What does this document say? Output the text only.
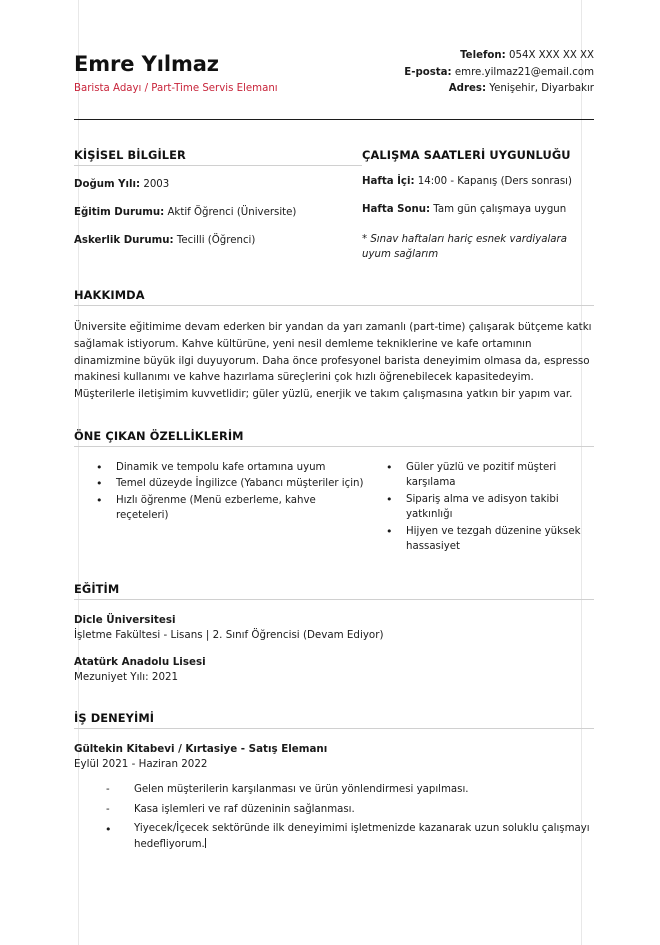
Emre Yılmaz
Barista Adayı / Part-Time Servis Elemanı
Telefon: 054X XXX XX XX
E-posta: emre.yilmaz21@email.com
Adres: Yenişehir, Diyarbakır
KİŞİSEL BİLGİLER
Doğum Yılı: 2003
Eğitim Durumu: Aktif Öğrenci (Üniversite)
Askerlik Durumu: Tecilli (Öğrenci)
ÇALIŞMA SAATLERİ UYGUNLUĞU
Hafta İçi: 14:00 - Kapanış (Ders sonrası)
Hafta Sonu: Tam gün çalışmaya uygun
* Sınav haftaları hariç esnek vardiyalara uyum sağlarım
HAKKIMDA

Üniversite eğitimime devam ederken bir yandan da yarı zamanlı (part-time) çalışarak bütçeme katkı sağlamak istiyorum. Kahve kültürüne, yeni nesil demleme tekniklerine ve kafe ortamının dinamizmine büyük ilgi duyuyorum. Daha önce profesyonel barista deneyimim olmasa da, espresso makinesi kullanımı ve kahve hazırlama süreçlerini çok hızlı öğrenebilecek kapasitedeyim. Müşterilerle iletişimim kuvvetlidir; güler yüzlü, enerjik ve takım çalışmasına yatkın bir yapım var.

ÖNE ÇIKAN ÖZELLİKLERİM
• Dinamik ve tempolu kafe ortamına uyum
• Temel düzeyde İngilizce (Yabancı müşteriler için)
• Hızlı öğrenme (Menü ezberleme, kahve reçeteleri)
• Güler yüzlü ve pozitif müşteri karşılama
• Sipariş alma ve adisyon takibi yatkınlığı
• Hijyen ve tezgah düzenine yüksek hassasiyet
EĞİTİM
Dicle Üniversitesi
İşletme Fakültesi - Lisans | 2. Sınıf Öğrencisi (Devam Ediyor)
Atatürk Anadolu Lisesi
Mezuniyet Yılı: 2021
İŞ DENEYİMİ
Gültekin Kitabevi / Kırtasiye - Satış Elemanı
Eylül 2021 - Haziran 2022
- Gelen müşterilerin karşılanması ve ürün yönlendirmesi yapılması.
- Kasa işlemleri ve raf düzeninin sağlanması.
• Yiyecek/İçecek sektöründe ilk deneyimimi işletmenizde kazanarak uzun soluklu çalışmayı hedefliyorum.
